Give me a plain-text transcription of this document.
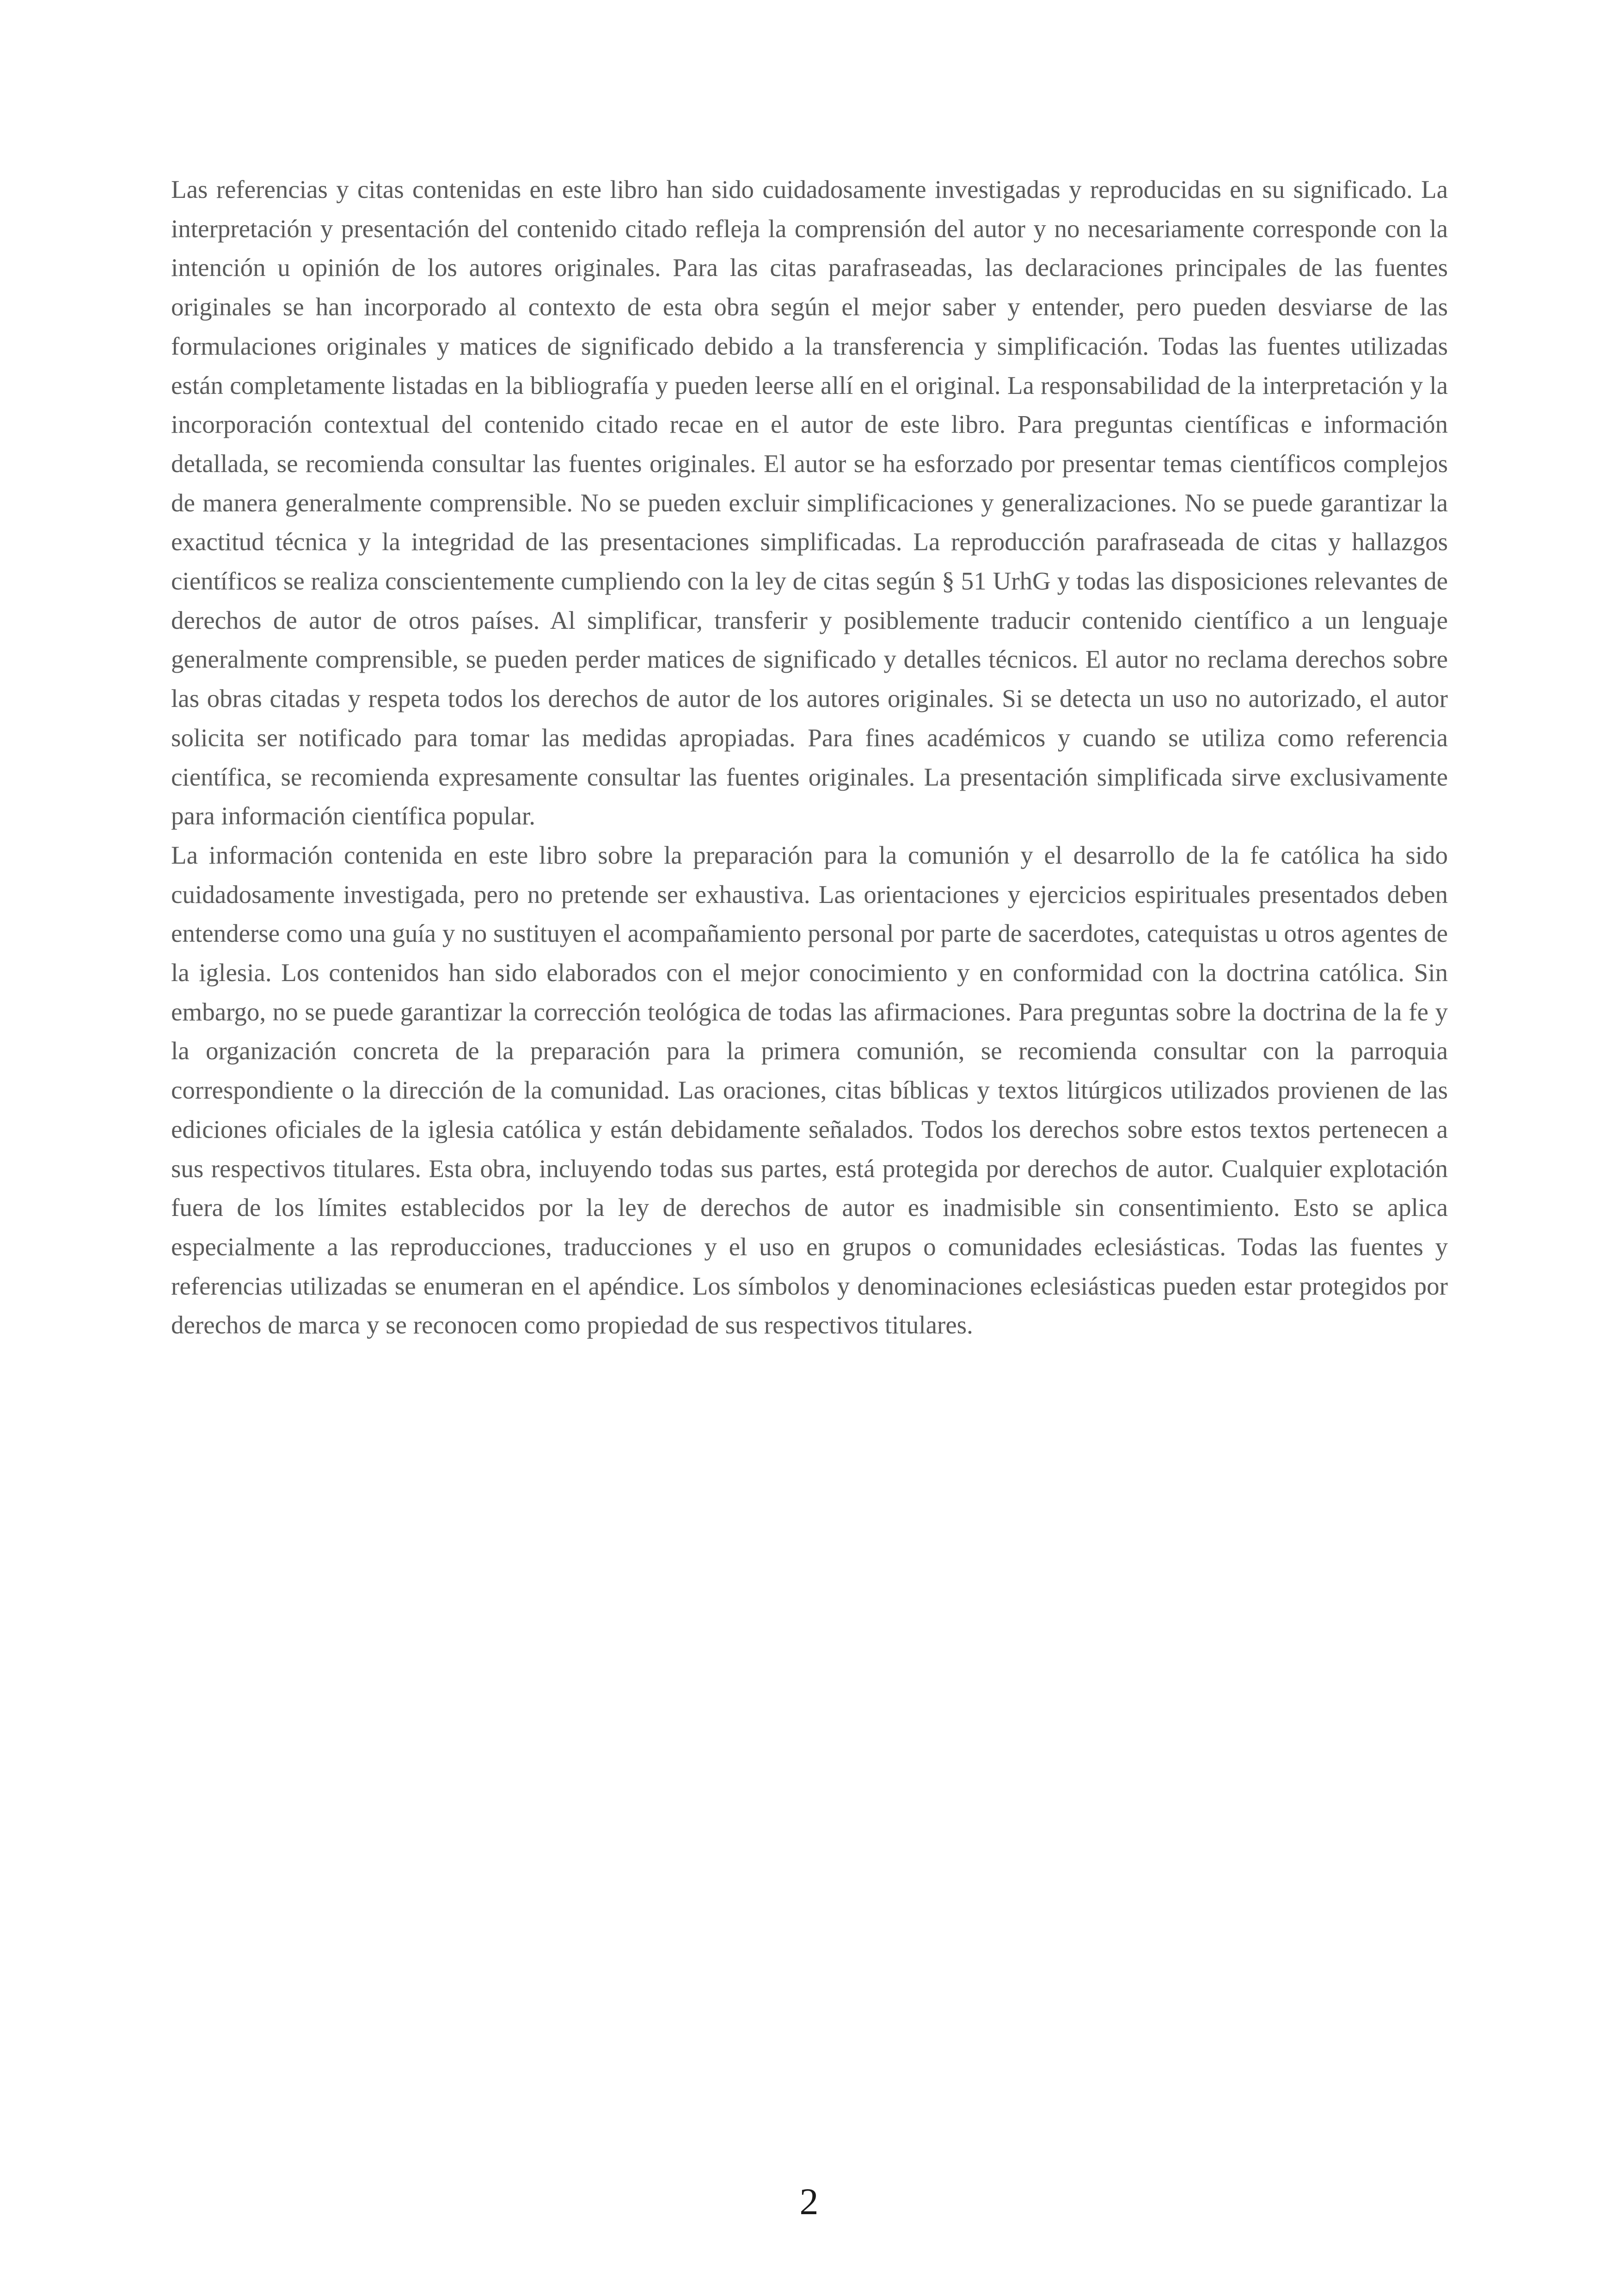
Las referencias y citas contenidas en este libro han sido cuidadosamente investigadas y reproducidas en su significado. La interpretación y presentación del contenido citado refleja la comprensión del autor y no necesariamente corresponde con la intención u opinión de los autores originales. Para las citas parafraseadas, las declaraciones principales de las fuentes originales se han incorporado al contexto de esta obra según el mejor saber y entender, pero pueden desviarse de las formulaciones originales y matices de significado debido a la transferencia y simplificación. Todas las fuentes utilizadas están completamente listadas en la bibliografía y pueden leerse allí en el original. La responsabilidad de la interpretación y la incorporación contextual del contenido citado recae en el autor de este libro. Para preguntas científicas e información detallada, se recomienda consultar las fuentes originales. El autor se ha esforzado por presentar temas científicos complejos de manera generalmente comprensible. No se pueden excluir simplificaciones y generalizaciones. No se puede garantizar la exactitud técnica y la integridad de las presentaciones simplificadas. La reproducción parafraseada de citas y hallazgos científicos se realiza conscientemente cumpliendo con la ley de citas según § 51 UrhG y todas las disposiciones relevantes de derechos de autor de otros países. Al simplificar, transferir y posiblemente traducir contenido científico a un lenguaje generalmente comprensible, se pueden perder matices de significado y detalles técnicos. El autor no reclama derechos sobre las obras citadas y respeta todos los derechos de autor de los autores originales. Si se detecta un uso no autorizado, el autor solicita ser notificado para tomar las medidas apropiadas. Para fines académicos y cuando se utiliza como referencia científica, se recomienda expresamente consultar las fuentes originales. La presentación simplificada sirve exclusivamente para información científica popular.

La información contenida en este libro sobre la preparación para la comunión y el desarrollo de la fe católica ha sido cuidadosamente investigada, pero no pretende ser exhaustiva. Las orientaciones y ejercicios espirituales presentados deben entenderse como una guía y no sustituyen el acompañamiento personal por parte de sacerdotes, catequistas u otros agentes de la iglesia. Los contenidos han sido elaborados con el mejor conocimiento y en conformidad con la doctrina católica. Sin embargo, no se puede garantizar la corrección teológica de todas las afirmaciones. Para preguntas sobre la doctrina de la fe y la organización concreta de la preparación para la primera comunión, se recomienda consultar con la parroquia correspondiente o la dirección de la comunidad. Las oraciones, citas bíblicas y textos litúrgicos utilizados provienen de las ediciones oficiales de la iglesia católica y están debidamente señalados. Todos los derechos sobre estos textos pertenecen a sus respectivos titulares. Esta obra, incluyendo todas sus partes, está protegida por derechos de autor. Cualquier explotación fuera de los límites establecidos por la ley de derechos de autor es inadmisible sin consentimiento. Esto se aplica especialmente a las reproducciones, traducciones y el uso en grupos o comunidades eclesiásticas. Todas las fuentes y referencias utilizadas se enumeran en el apéndice. Los símbolos y denominaciones eclesiásticas pueden estar protegidos por derechos de marca y se reconocen como propiedad de sus respectivos titulares.

2
